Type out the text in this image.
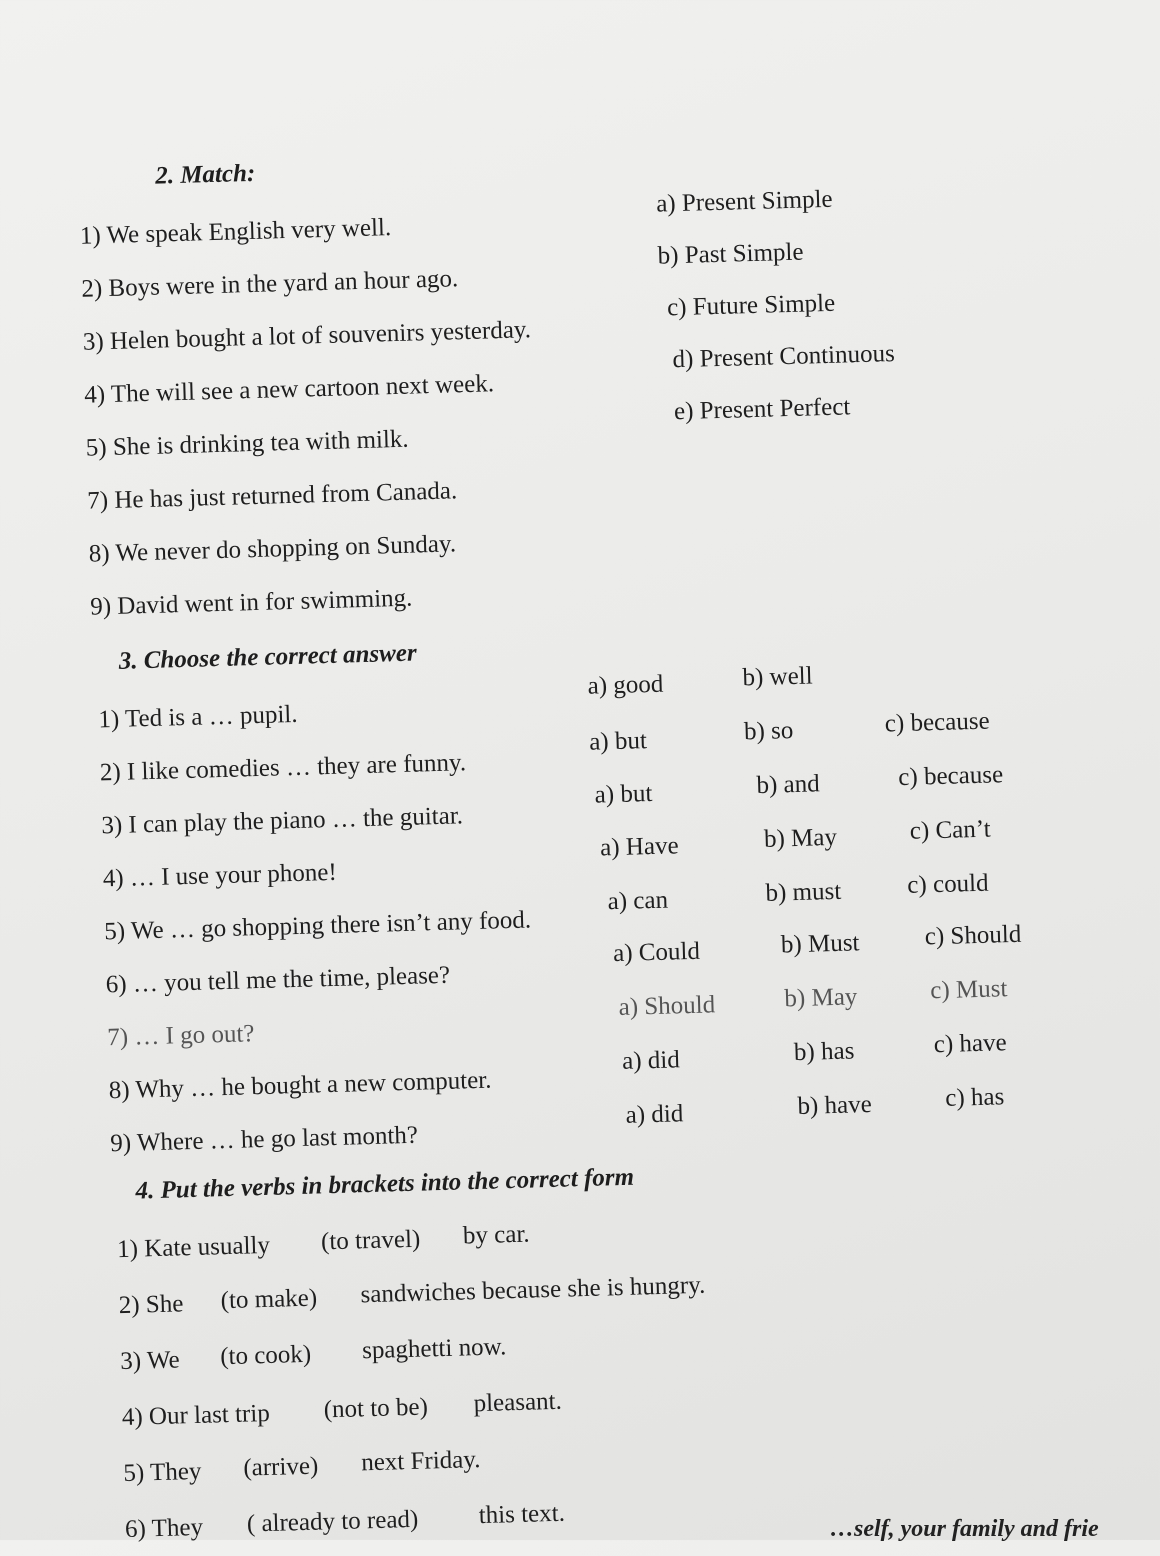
2. Match:
1) We speak English very well.
2) Boys were in the yard an hour ago.
3) Helen bought a lot of souvenirs yesterday.
4) The will see a new cartoon next week.
5) She is drinking tea with milk.
7) He has just returned from Canada.
8) We never do shopping on Sunday.
9) David went in for swimming.
a) Present Simple
b) Past Simple
c) Future Simple
d) Present Continuous
e) Present Perfect
3. Choose the correct answer
1) Ted is a … pupil.
a) good	b) well
2) I like comedies … they are funny.
a) but	b) so	c) because
3) I can play the piano … the guitar.
a) but	b) and	c) because
4) … I use your phone!
a) Have	b) May	c) Can’t
5) We … go shopping there isn’t any food.
a) can	b) must	c) could
6) … you tell me the time, please?
a) Could	b) Must	c) Should
7) … I go out?
a) Should	b) May	c) Must
8) Why … he bought a new computer.
a) did	b) has	c) have
9) Where … he go last month?
a) did	b) have	c) has
4. Put the verbs in brackets into the correct form
1) Kate usually (to travel) by car.
2) She (to make) sandwiches because she is hungry.
3) We (to cook) spaghetti now.
4) Our last trip (not to be) pleasant.
5) They (arrive) next Friday.
6) They ( already to read) this text.	…self, your family and frie
